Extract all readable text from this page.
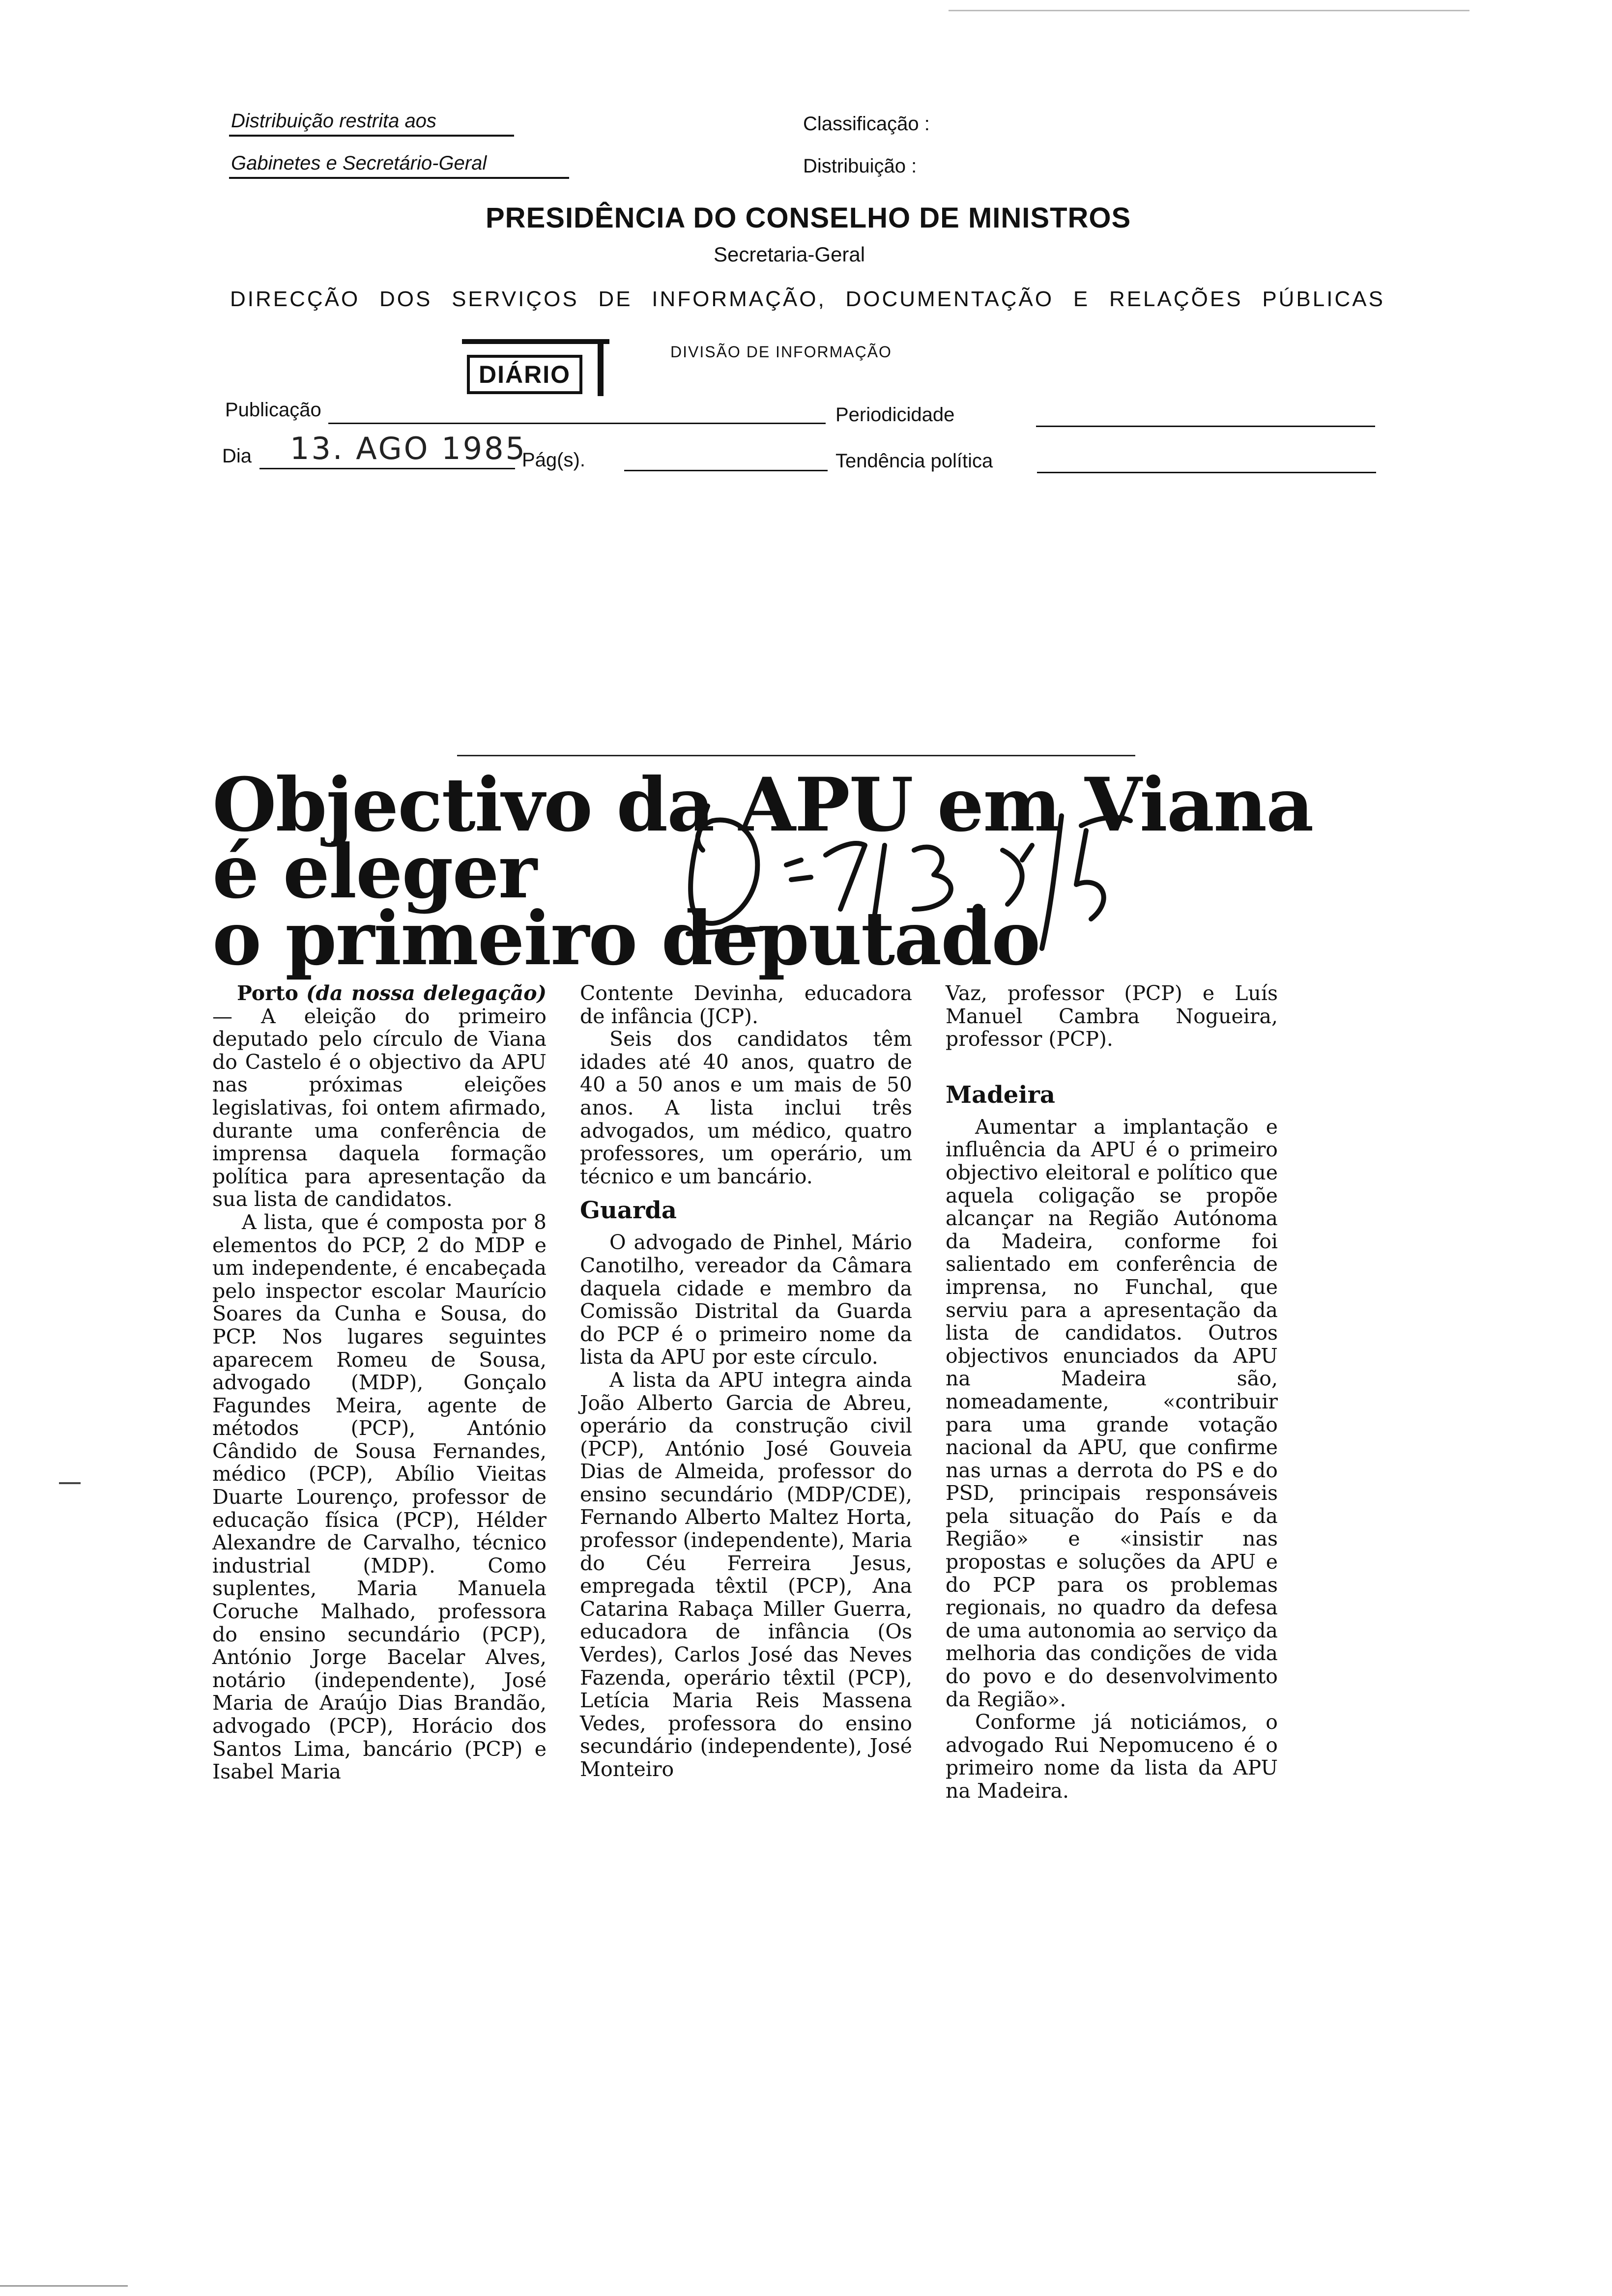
Distribuição restrita aos
Gabinetes e Secretário-Geral
Classificação :
Distribuição :
PRESIDÊNCIA DO CONSELHO DE MINISTROS
Secretaria-Geral
DIRECÇÃO DOS SERVIÇOS DE INFORMAÇÃO, DOCUMENTAÇÃO E RELAÇÕES PÚBLICAS
DIVISÃO DE INFORMAÇÃO
DIÁRIO
Publicação	Periodicidade
Dia 13. AGO 1985
Pág(s).	Tendência política
Objectivo da APU em Viana
é eleger
o primeiro deputado

Porto (da nossa delegação) — A eleição do primeiro deputado pelo círculo de Viana do Castelo é o objectivo da APU nas próximas eleições legislativas, foi ontem afirmado, durante uma conferência de imprensa daquela formação política para apresentação da sua lista de candidatos.

A lista, que é composta por 8 elementos do PCP, 2 do MDP e um independente, é encabeçada pelo inspector escolar Maurício Soares da Cunha e Sousa, do PCP. Nos lugares seguintes aparecem Romeu de Sousa, advogado (MDP), Gonçalo Fagundes Meira, agente de métodos (PCP), António Cândido de Sousa Fernandes, médico (PCP), Abílio Vieitas Duarte Lourenço, professor de educação física (PCP), Hélder Alexandre de Carvalho, técnico industrial (MDP). Como suplentes, Maria Manuela Coruche Malhado, professora do ensino secundário (PCP), António Jorge Bacelar Alves, notário (independente), José Maria de Araújo Dias Brandão, advogado (PCP), Horácio dos Santos Lima, bancário (PCP) e Isabel Maria

Contente Devinha, educadora de infância (JCP).

Seis dos candidatos têm idades até 40 anos, quatro de 40 a 50 anos e um mais de 50 anos. A lista inclui três advogados, um médico, quatro professores, um operário, um técnico e um bancário.

Guarda

O advogado de Pinhel, Mário Canotilho, vereador da Câmara daquela cidade e membro da Comissão Distrital da Guarda do PCP é o primeiro nome da lista da APU por este círculo.

A lista da APU integra ainda João Alberto Garcia de Abreu, operário da construção civil (PCP), António José Gouveia Dias de Almeida, professor do ensino secundário (MDP/CDE), Fernando Alberto Maltez Horta, professor (independente), Maria do Céu Ferreira Jesus, empregada têxtil (PCP), Ana Catarina Rabaça Miller Guerra, educadora de infância (Os Verdes), Carlos José das Neves Fazenda, operário têxtil (PCP), Letícia Maria Reis Massena Vedes, professora do ensino secundário (independente), José Monteiro

Vaz, professor (PCP) e Luís Manuel Cambra Nogueira, professor (PCP).

Madeira

Aumentar a implantação e influência da APU é o primeiro objectivo eleitoral e político que aquela coligação se propõe alcançar na Região Autónoma da Madeira, conforme foi salientado em conferência de imprensa, no Funchal, que serviu para a apresentação da lista de candidatos. Outros objectivos enunciados da APU na Madeira são, nomeadamente, «contribuir para uma grande votação nacional da APU, que confirme nas urnas a derrota do PS e do PSD, principais responsáveis pela situação do País e da Região» e «insistir nas propostas e soluções da APU e do PCP para os problemas regionais, no quadro da defesa de uma autonomia ao serviço da melhoria das condições de vida do povo e do desenvolvimento da Região».

Conforme já noticiámos, o advogado Rui Nepomuceno é o primeiro nome da lista da APU na Madeira.
